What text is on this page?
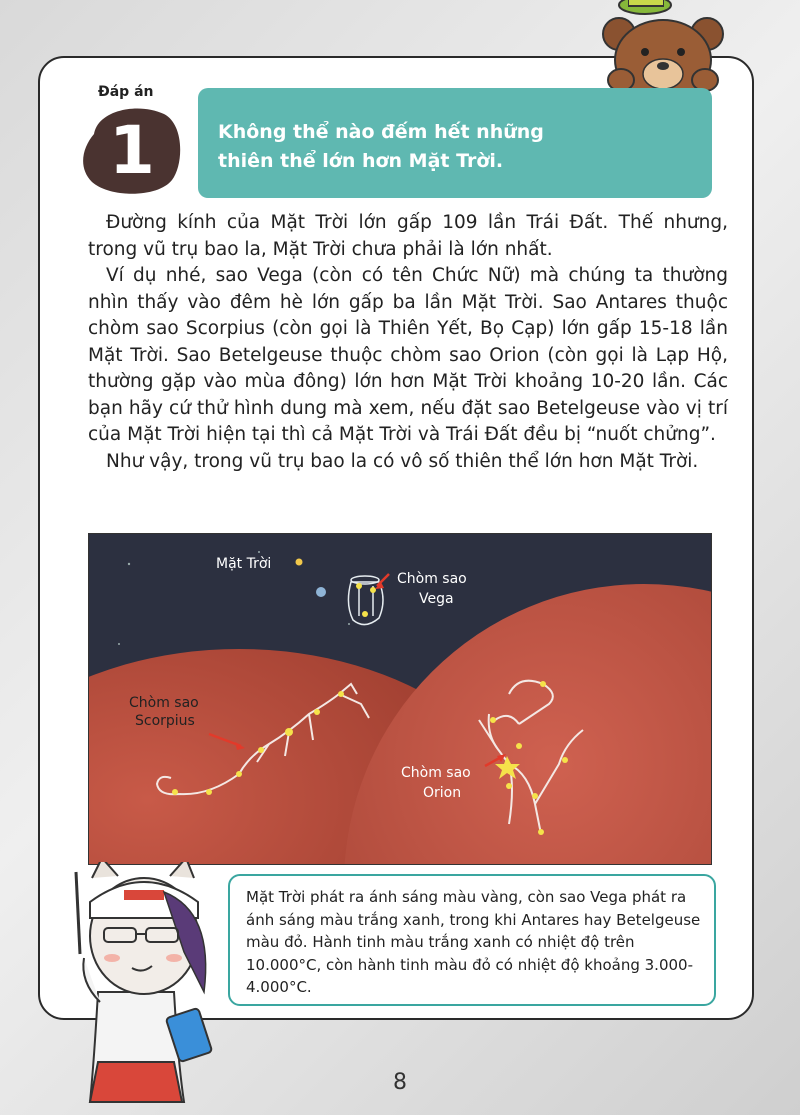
Đáp án
1	Không thể nào đếm hết những thiên thể lớn hơn Mặt Trời.

Đường kính của Mặt Trời lớn gấp 109 lần Trái Đất. Thế nhưng, trong vũ trụ bao la, Mặt Trời chưa phải là lớn nhất.

Ví dụ nhé, sao Vega (còn có tên Chức Nữ) mà chúng ta thường nhìn thấy vào đêm hè lớn gấp ba lần Mặt Trời. Sao Antares thuộc chòm sao Scorpius (còn gọi là Thiên Yết, Bọ Cạp) lớn gấp 15-18 lần Mặt Trời. Sao Betelgeuse thuộc chòm sao Orion (còn gọi là Lạp Hộ, thường gặp vào mùa đông) lớn hơn Mặt Trời khoảng 10-20 lần. Các bạn hãy cứ thử hình dung mà xem, nếu đặt sao Betelgeuse vào vị trí của Mặt Trời hiện tại thì cả Mặt Trời và Trái Đất đều bị “nuốt chửng”.

Như vậy, trong vũ trụ bao la có vô số thiên thể lớn hơn Mặt Trời.

Mặt Trời
Chòm sao
Vega
Chòm sao
Scorpius
Chòm sao
Orion
Mặt Trời phát ra ánh sáng màu vàng, còn sao Vega phát ra ánh sáng màu trắng xanh, trong khi Antares hay Betelgeuse màu đỏ. Hành tinh màu trắng xanh có nhiệt độ trên 10.000°C, còn hành tinh màu đỏ có nhiệt độ khoảng 3.000-4.000°C.
8
